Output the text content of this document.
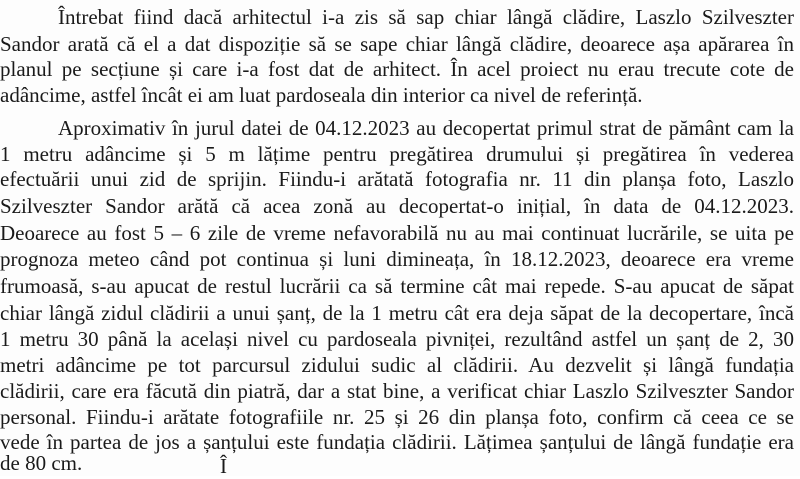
Întrebat fiind dacă arhitectul i-a zis să sap chiar lângă clădire, Laszlo Szilveszter

Sandor arată că el a dat dispoziție să se sape chiar lângă clădire, deoarece așa apărarea în

planul pe secțiune și care i-a fost dat de arhitect. În acel proiect nu erau trecute cote de

adâncime, astfel încât ei am luat pardoseala din interior ca nivel de referință.

Aproximativ în jurul datei de 04.12.2023 au decopertat primul strat de pământ cam la

1 metru adâncime și 5 m lățime pentru pregătirea drumului și pregătirea în vederea

efectuării unui zid de sprijin. Fiindu-i arătată fotografia nr. 11 din planșa foto, Laszlo

Szilveszter Sandor arătă că acea zonă au decopertat-o inițial, în data de 04.12.2023.

Deoarece au fost 5 – 6 zile de vreme nefavorabilă nu au mai continuat lucrările, se uita pe

prognoza meteo când pot continua și luni dimineața, în 18.12.2023, deoarece era vreme

frumoasă, s-au apucat de restul lucrării ca să termine cât mai repede. S-au apucat de săpat

chiar lângă zidul clădirii a unui șanț, de la 1 metru cât era deja săpat de la decopertare, încă

1 metru 30 până la același nivel cu pardoseala pivniței, rezultând astfel un șanț de 2, 30

metri adâncime pe tot parcursul zidului sudic al clădirii. Au dezvelit și lângă fundația

clădirii, care era făcută din piatră, dar a stat bine, a verificat chiar Laszlo Szilveszter Sandor

personal. Fiindu-i arătate fotografiile nr. 25 și 26 din planșa foto, confirm că ceea ce se

vede în partea de jos a șanțului este fundația clădirii. Lățimea șanțului de lângă fundație era

de 80 cm.	Î
